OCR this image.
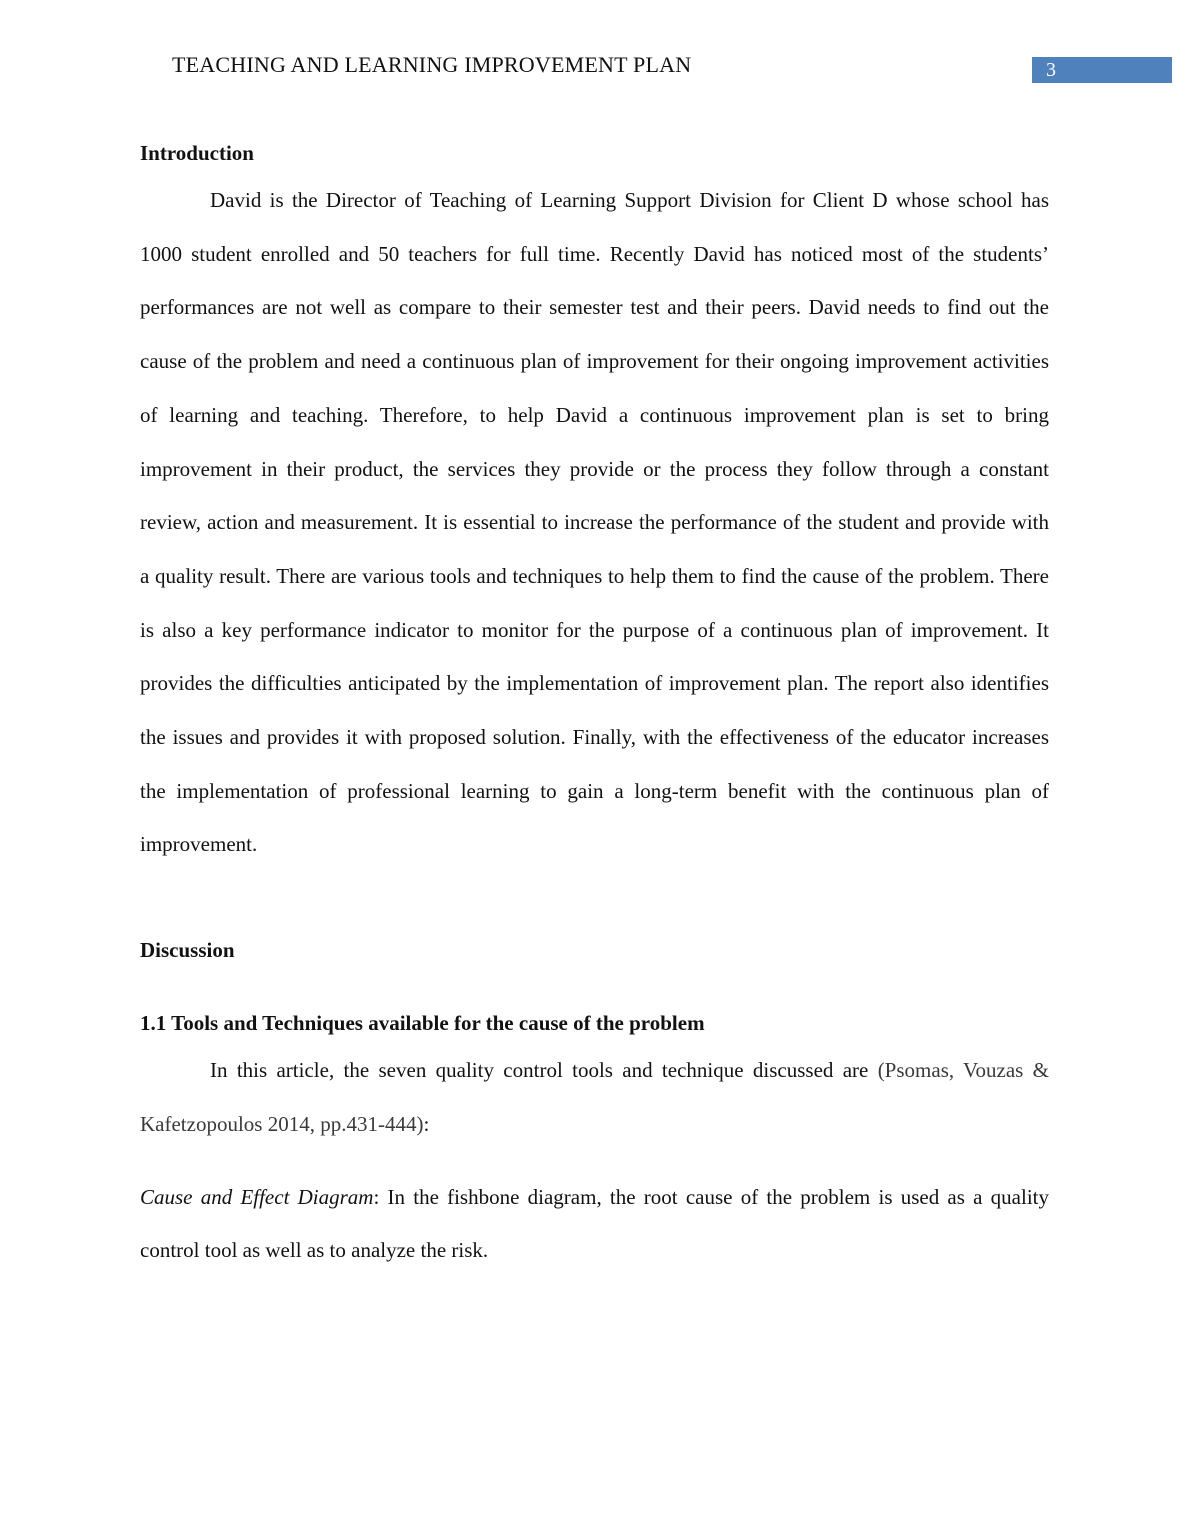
TEACHING AND LEARNING IMPROVEMENT PLAN	3

Introduction

David is the Director of Teaching of Learning Support Division for Client D whose school has 1000 student enrolled and 50 teachers for full time. Recently David has noticed most of the students’ performances are not well as compare to their semester test and their peers. David needs to find out the cause of the problem and need a continuous plan of improvement for their ongoing improvement activities of learning and teaching. Therefore, to help David a continuous improvement plan is set to bring improvement in their product, the services they provide or the process they follow through a constant review, action and measurement. It is essential to increase the performance of the student and provide with a quality result. There are various tools and techniques to help them to find the cause of the problem. There is also a key performance indicator to monitor for the purpose of a continuous plan of improvement. It provides the difficulties anticipated by the implementation of improvement plan. The report also identifies the issues and provides it with proposed solution. Finally, with the effectiveness of the educator increases the implementation of professional learning to gain a long-term benefit with the continuous plan of improvement.

Discussion

1.1 Tools and Techniques available for the cause of the problem

In this article, the seven quality control tools and technique discussed are (Psomas, Vouzas & Kafetzopoulos 2014, pp.431-444):

Cause and Effect Diagram: In the fishbone diagram, the root cause of the problem is used as a quality control tool as well as to analyze the risk.
